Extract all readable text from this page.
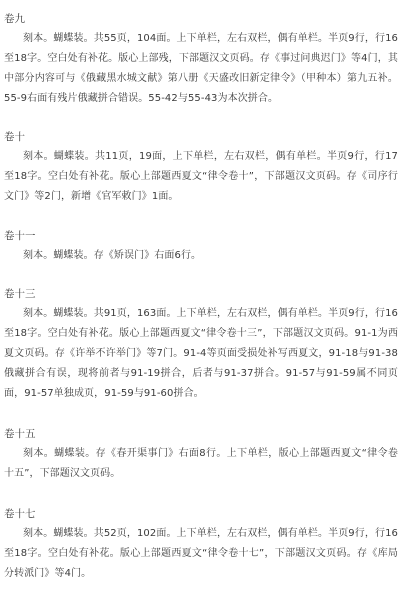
卷九

刻本。蝴蝶装。共55页，104面。上下单栏，左右双栏，偶有单栏。半页9行，行16至18字。空白处有补花。版心上部残，下部题汉文页码。存《事过问典迟门》等4门，其中部分内容可与《俄藏黑水城文献》第八册《天盛改旧新定律令》（甲种本）第九五补。55-9右面有残片俄藏拼合错误。55-42与55-43为本次拼合。

卷十

刻本。蝴蝶装。共11页，19面，上下单栏，左右双栏，偶有单栏。半页9行，行17至18字。空白处有补花。版心上部题西夏文“律令卷十”，下部题汉文页码。存《司序行文门》等2门，新增《官军敕门》1面。

卷十一

刻本。蝴蝶装。存《矫误门》右面6行。

卷十三

刻本。蝴蝶装。共91页，163面。上下单栏，左右双栏，偶有单栏。半页9行，行16至18字。空白处有补花。版心上部题西夏文“律令卷十三”，下部题汉文页码。91-1为西夏文页码。存《许举不许举门》等7门。91-4等页面受损处补写西夏文，91-18与91-38俄藏拼合有误，现将前者与91-19拼合，后者与91-37拼合。91-57与91-59属不同页面，91-57单独成页，91-59与91-60拼合。

卷十五

刻本。蝴蝶装。存《春开渠事门》右面8行。上下单栏，版心上部题西夏文“律令卷十五”，下部题汉文页码。

卷十七

刻本。蝴蝶装。共52页，102面。上下单栏，左右双栏，偶有单栏。半页9行，行16至18字。空白处有补花。版心上部题西夏文“律令卷十七”，下部题汉文页码。存《库局分转派门》等4门。
